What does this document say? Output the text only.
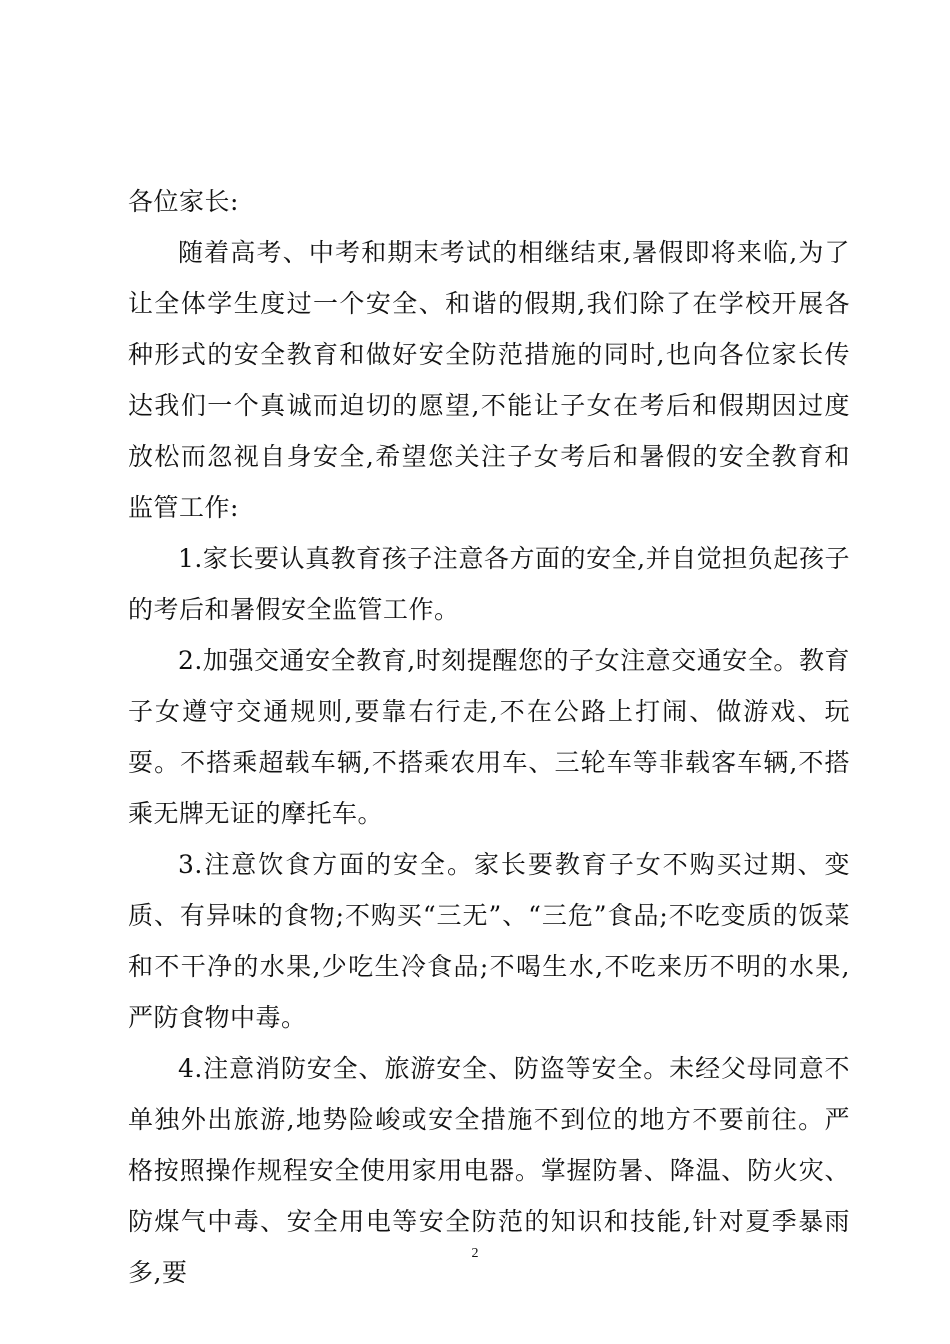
各位家长:

随着高考、中考和期末考试的相继结束,暑假即将来临,为了让全体学生度过一个安全、和谐的假期,我们除了在学校开展各种形式的安全教育和做好安全防范措施的同时,也向各位家长传达我们一个真诚而迫切的愿望,不能让子女在考后和假期因过度放松而忽视自身安全,希望您关注子女考后和暑假的安全教育和监管工作:

1.家长要认真教育孩子注意各方面的安全,并自觉担负起孩子的考后和暑假安全监管工作。

2.加强交通安全教育,时刻提醒您的子女注意交通安全。教育子女遵守交通规则,要靠右行走,不在公路上打闹、做游戏、玩耍。不搭乘超载车辆,不搭乘农用车、三轮车等非载客车辆,不搭乘无牌无证的摩托车。

3.注意饮食方面的安全。家长要教育子女不购买过期、变质、有异味的食物;不购买“三无”、“三危”食品;不吃变质的饭菜和不干净的水果,少吃生冷食品;不喝生水,不吃来历不明的水果,严防食物中毒。

4.注意消防安全、旅游安全、防盗等安全。未经父母同意不单独外出旅游,地势险峻或安全措施不到位的地方不要前往。严格按照操作规程安全使用家用电器。掌握防暑、降温、防火灾、防煤气中毒、安全用电等安全防范的知识和技能,针对夏季暴雨多,要

2
